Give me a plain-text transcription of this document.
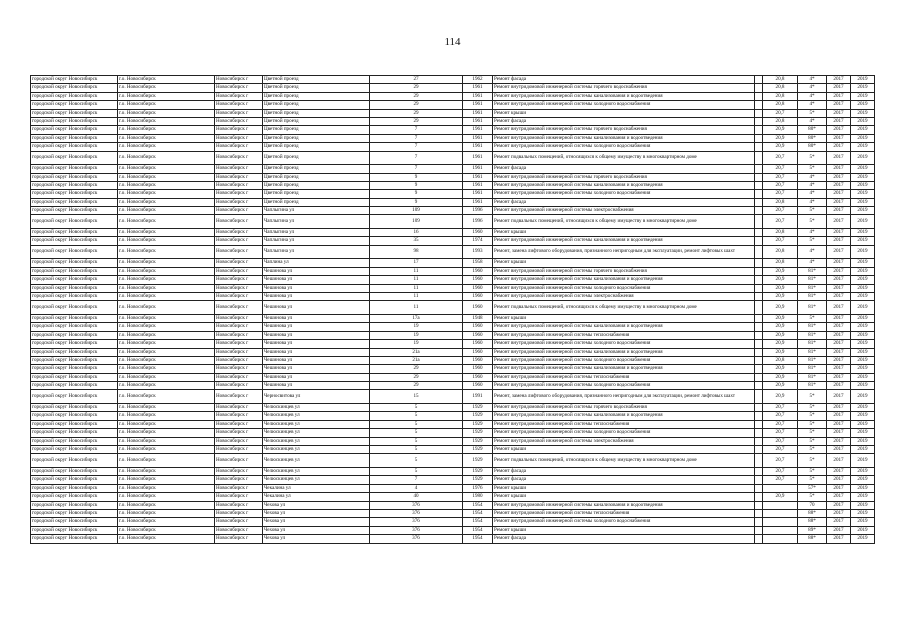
114
городской округ Новосибирск	г.о. Новосибирск	Новосибирск г	Цветной проезд	27	1962	Ремонт фасада		20,8	4*	2017	2019
городской округ Новосибирск	г.о. Новосибирск	Новосибирск г	Цветной проезд	29	1961	Ремонт внутридомовой инженерной системы горячего водоснабжения		20,8	4*	2017	2019
городской округ Новосибирск	г.о. Новосибирск	Новосибирск г	Цветной проезд	29	1961	Ремонт внутридомовой инженерной системы канализования и водоотведения		20,8	4*	2017	2019
городской округ Новосибирск	г.о. Новосибирск	Новосибирск г	Цветной проезд	29	1961	Ремонт внутридомовой инженерной системы холодного водоснабжения		20,8	4*	2017	2019
городской округ Новосибирск	г.о. Новосибирск	Новосибирск г	Цветной проезд	29	1961	Ремонт крыши		20,7	5*	2017	2019
городской округ Новосибирск	г.о. Новосибирск	Новосибирск г	Цветной проезд	29	1961	Ремонт фасада		20,8	4*	2017	2019
городской округ Новосибирск	г.о. Новосибирск	Новосибирск г	Цветной проезд	7	1961	Ремонт внутридомовой инженерной системы горячего водоснабжения		20,9	80*	2017	2019
городской округ Новосибирск	г.о. Новосибирск	Новосибирск г	Цветной проезд	7	1961	Ремонт внутридомовой инженерной системы канализования и водоотведения		20,9	80*	2017	2019
городской округ Новосибирск	г.о. Новосибирск	Новосибирск г	Цветной проезд	7	1961	Ремонт внутридомовой инженерной системы холодного водоснабжения		20,9	80*	2017	2019
городской округ Новосибирск	г.о. Новосибирск	Новосибирск г	Цветной проезд	7	1961	Ремонт подвальных помещений, относящихся к общему имуществу в многоквартирном доме		20,7	5*	2017	2019
городской округ Новосибирск	г.о. Новосибирск	Новосибирск г	Цветной проезд	7	1961	Ремонт фасада		20,7	5*	2017	2019
городской округ Новосибирск	г.о. Новосибирск	Новосибирск г	Цветной проезд	9	1961	Ремонт внутридомовой инженерной системы горячего водоснабжения		20,7	4*	2017	2019
городской округ Новосибирск	г.о. Новосибирск	Новосибирск г	Цветной проезд	9	1961	Ремонт внутридомовой инженерной системы канализования и водоотведения		20,7	4*	2017	2019
городской округ Новосибирск	г.о. Новосибирск	Новосибирск г	Цветной проезд	9	1961	Ремонт внутридомовой инженерной системы холодного водоснабжения		20,7	4*	2017	2019
городской округ Новосибирск	г.о. Новосибирск	Новосибирск г	Цветной проезд	9	1961	Ремонт фасада		20,8	4*	2017	2019
городской округ Новосибирск	г.о. Новосибирск	Новосибирск г	Чаплыгина ул	109	1996	Ремонт внутридомовой инженерной системы электроснабжения		20,7	5*	2017	2019
городской округ Новосибирск	г.о. Новосибирск	Новосибирск г	Чаплыгина ул	109	1996	Ремонт подвальных помещений, относящихся к общему имуществу в многоквартирном доме		20,7	5*	2017	2019
городской округ Новосибирск	г.о. Новосибирск	Новосибирск г	Чаплыгина ул	16	1960	Ремонт крыши		20,8	4*	2017	2019
городской округ Новосибирск	г.о. Новосибирск	Новосибирск г	Чаплыгина ул	35	1974	Ремонт внутридомовой инженерной системы канализования и водоотведения		20,7	5*	2017	2019
городской округ Новосибирск	г.о. Новосибирск	Новосибирск г	Чаплыгина ул	98	1993	Ремонт, замена лифтового оборудования, признанного непригодным для эксплуатации, ремонт лифтовых шахт		20,8	4*	2017	2019
городской округ Новосибирск	г.о. Новосибирск	Новосибирск г	Чаплина ул	17	1958	Ремонт крыши		20,8	4*	2017	2019
городской округ Новосибирск	г.о. Новосибирск	Новосибирск г	Чешинова ул	11	1960	Ремонт внутридомовой инженерной системы горячего водоснабжения		20,9	81*	2017	2019
городской округ Новосибирск	г.о. Новосибирск	Новосибирск г	Чешинова ул	11	1960	Ремонт внутридомовой инженерной системы канализования и водоотведения		20,9	81*	2017	2019
городской округ Новосибирск	г.о. Новосибирск	Новосибирск г	Чешинова ул	11	1960	Ремонт внутридомовой инженерной системы холодного водоснабжения		20,9	81*	2017	2019
городской округ Новосибирск	г.о. Новосибирск	Новосибирск г	Чешинова ул	11	1960	Ремонт внутридомовой инженерной системы электроснабжения		20,9	81*	2017	2019
городской округ Новосибирск	г.о. Новосибирск	Новосибирск г	Чешинова ул	11	1960	Ремонт подвальных помещений, относящихся к общему имуществу в многоквартирном доме		20,9	81*	2017	2019
городской округ Новосибирск	г.о. Новосибирск	Новосибирск г	Чешинова ул	17а	1948	Ремонт крыши		20,9	5*	2017	2019
городской округ Новосибирск	г.о. Новосибирск	Новосибирск г	Чешинова ул	19	1960	Ремонт внутридомовой инженерной системы канализования и водоотведения		20,9	81*	2017	2019
городской округ Новосибирск	г.о. Новосибирск	Новосибирск г	Чешинова ул	19	1960	Ремонт внутридомовой инженерной системы теплоснабжения		20,9	81*	2017	2019
городской округ Новосибирск	г.о. Новосибирск	Новосибирск г	Чешинова ул	19	1960	Ремонт внутридомовой инженерной системы холодного водоснабжения		20,9	81*	2017	2019
городской округ Новосибирск	г.о. Новосибирск	Новосибирск г	Чешинова ул	21а	1960	Ремонт внутридомовой инженерной системы канализования и водоотведения		20,9	81*	2017	2019
городской округ Новосибирск	г.о. Новосибирск	Новосибирск г	Чешинова ул	21а	1960	Ремонт внутридомовой инженерной системы холодного водоснабжения		20,8	81*	2017	2019
городской округ Новосибирск	г.о. Новосибирск	Новосибирск г	Чешинова ул	29	1960	Ремонт внутридомовой инженерной системы канализования и водоотведения		20,9	81*	2017	2019
городской округ Новосибирск	г.о. Новосибирск	Новосибирск г	Чешинова ул	29	1960	Ремонт внутридомовой инженерной системы теплоснабжения		20,9	81*	2017	2019
городской округ Новосибирск	г.о. Новосибирск	Новосибирск г	Чешинова ул	29	1960	Ремонт внутридомовой инженерной системы холодного водоснабжения		20,9	81*	2017	2019
городской округ Новосибирск	г.о. Новосибирск	Новосибирск г	Черносвитова ул	15	1991	Ремонт, замена лифтового оборудования, признанного непригодным для эксплуатации, ремонт лифтовых шахт		20,9	5*	2017	2019
городской округ Новосибирск	г.о. Новосибирск	Новосибирск г	Челюскинцев ул	5	1929	Ремонт внутридомовой инженерной системы горячего водоснабжения		20,7	5*	2017	2019
городской округ Новосибирск	г.о. Новосибирск	Новосибирск г	Челюскинцев ул	5	1929	Ремонт внутридомовой инженерной системы канализования и водоотведения		20,7	5*	2017	2019
городской округ Новосибирск	г.о. Новосибирск	Новосибирск г	Челюскинцев ул	5	1929	Ремонт внутридомовой инженерной системы теплоснабжения		20,7	5*	2017	2019
городской округ Новосибирск	г.о. Новосибирск	Новосибирск г	Челюскинцев ул	5	1929	Ремонт внутридомовой инженерной системы холодного водоснабжения		20,7	5*	2017	2019
городской округ Новосибирск	г.о. Новосибирск	Новосибирск г	Челюскинцев ул	5	1929	Ремонт внутридомовой инженерной системы электроснабжения		20,7	5*	2017	2019
городской округ Новосибирск	г.о. Новосибирск	Новосибирск г	Челюскинцев ул	5	1929	Ремонт крыши		20,7	5*	2017	2019
городской округ Новосибирск	г.о. Новосибирск	Новосибирск г	Челюскинцев ул	5	1929	Ремонт подвальных помещений, относящихся к общему имуществу в многоквартирном доме		20,7	5*	2017	2019
городской округ Новосибирск	г.о. Новосибирск	Новосибирск г	Челюскинцев ул	5	1929	Ремонт фасада		20,7	5*	2017	2019
городской округ Новосибирск	г.о. Новосибирск	Новосибирск г	Челюскинцев ул	7	1929	Ремонт фасада		20,7	5*	2017	2019
городской округ Новосибирск	г.о. Новосибирск	Новосибирск г	Чекалина ул	4	1976	Ремонт крыши			57*	2017	2019
городской округ Новосибирск	г.о. Новосибирск	Новосибирск г	Чекалина ул	40	1980	Ремонт крыши		20,9	5*	2017	2019
городской округ Новосибирск	г.о. Новосибирск	Новосибирск г	Чехова ул	376	1954	Ремонт внутридомовой инженерной системы канализования и водоотведения			70	2017	2019
городской округ Новосибирск	г.о. Новосибирск	Новосибирск г	Чехова ул	376	1954	Ремонт внутридомовой инженерной системы теплоснабжения			88*	2017	2019
городской округ Новосибирск	г.о. Новосибирск	Новосибирск г	Чехова ул	376	1954	Ремонт внутридомовой инженерной системы холодного водоснабжения			88*	2017	2019
городской округ Новосибирск	г.о. Новосибирск	Новосибирск г	Чехова ул	376	1954	Ремонт крыши			89*	2017	2019
городской округ Новосибирск	г.о. Новосибирск	Новосибирск г	Чехова ул	376	1954	Ремонт фасада			88*	2017	2019
